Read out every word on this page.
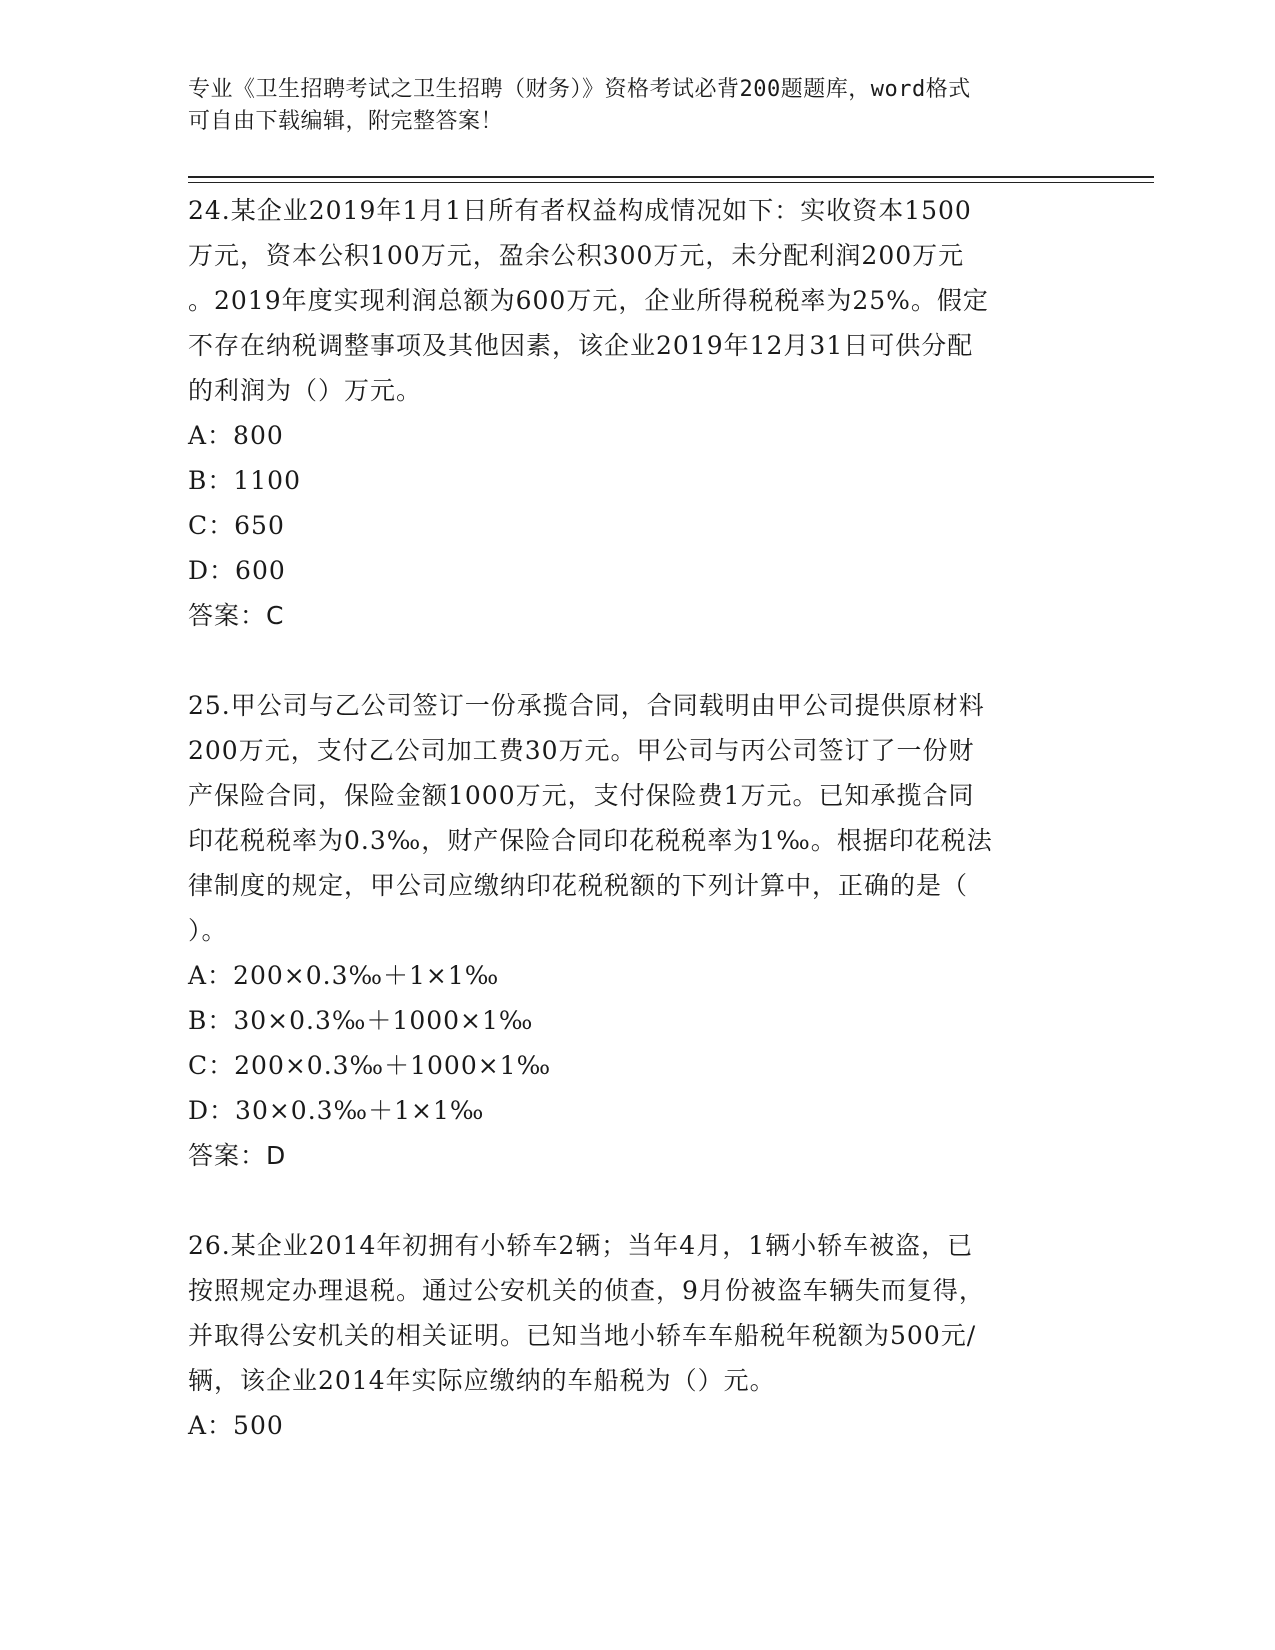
专业《卫生招聘考试之卫生招聘（财务）》资格考试必背200题题库，word格式
可自由下载编辑，附完整答案！

24.某企业2019年1月1日所有者权益构成情况如下：实收资本1500

万元，资本公积100万元，盈余公积300万元，未分配利润200万元

。2019年度实现利润总额为600万元，企业所得税税率为25%。假定

不存在纳税调整事项及其他因素，该企业2019年12月31日可供分配

的利润为（）万元。

A：800

B：1100

C：650

D：600

答案：C

25.甲公司与乙公司签订一份承揽合同，合同载明由甲公司提供原材料

200万元，支付乙公司加工费30万元。甲公司与丙公司签订了一份财

产保险合同，保险金额1000万元，支付保险费1万元。已知承揽合同

印花税税率为0.3‰，财产保险合同印花税税率为1‰。根据印花税法

律制度的规定，甲公司应缴纳印花税税额的下列计算中，正确的是（

）。

A：200×0.3‰＋1×1‰

B：30×0.3‰＋1000×1‰

C：200×0.3‰＋1000×1‰

D：30×0.3‰＋1×1‰

答案：D

26.某企业2014年初拥有小轿车2辆；当年4月，1辆小轿车被盗，已

按照规定办理退税。通过公安机关的侦查，9月份被盗车辆失而复得，

并取得公安机关的相关证明。已知当地小轿车车船税年税额为500元/

辆，该企业2014年实际应缴纳的车船税为（）元。

A：500
